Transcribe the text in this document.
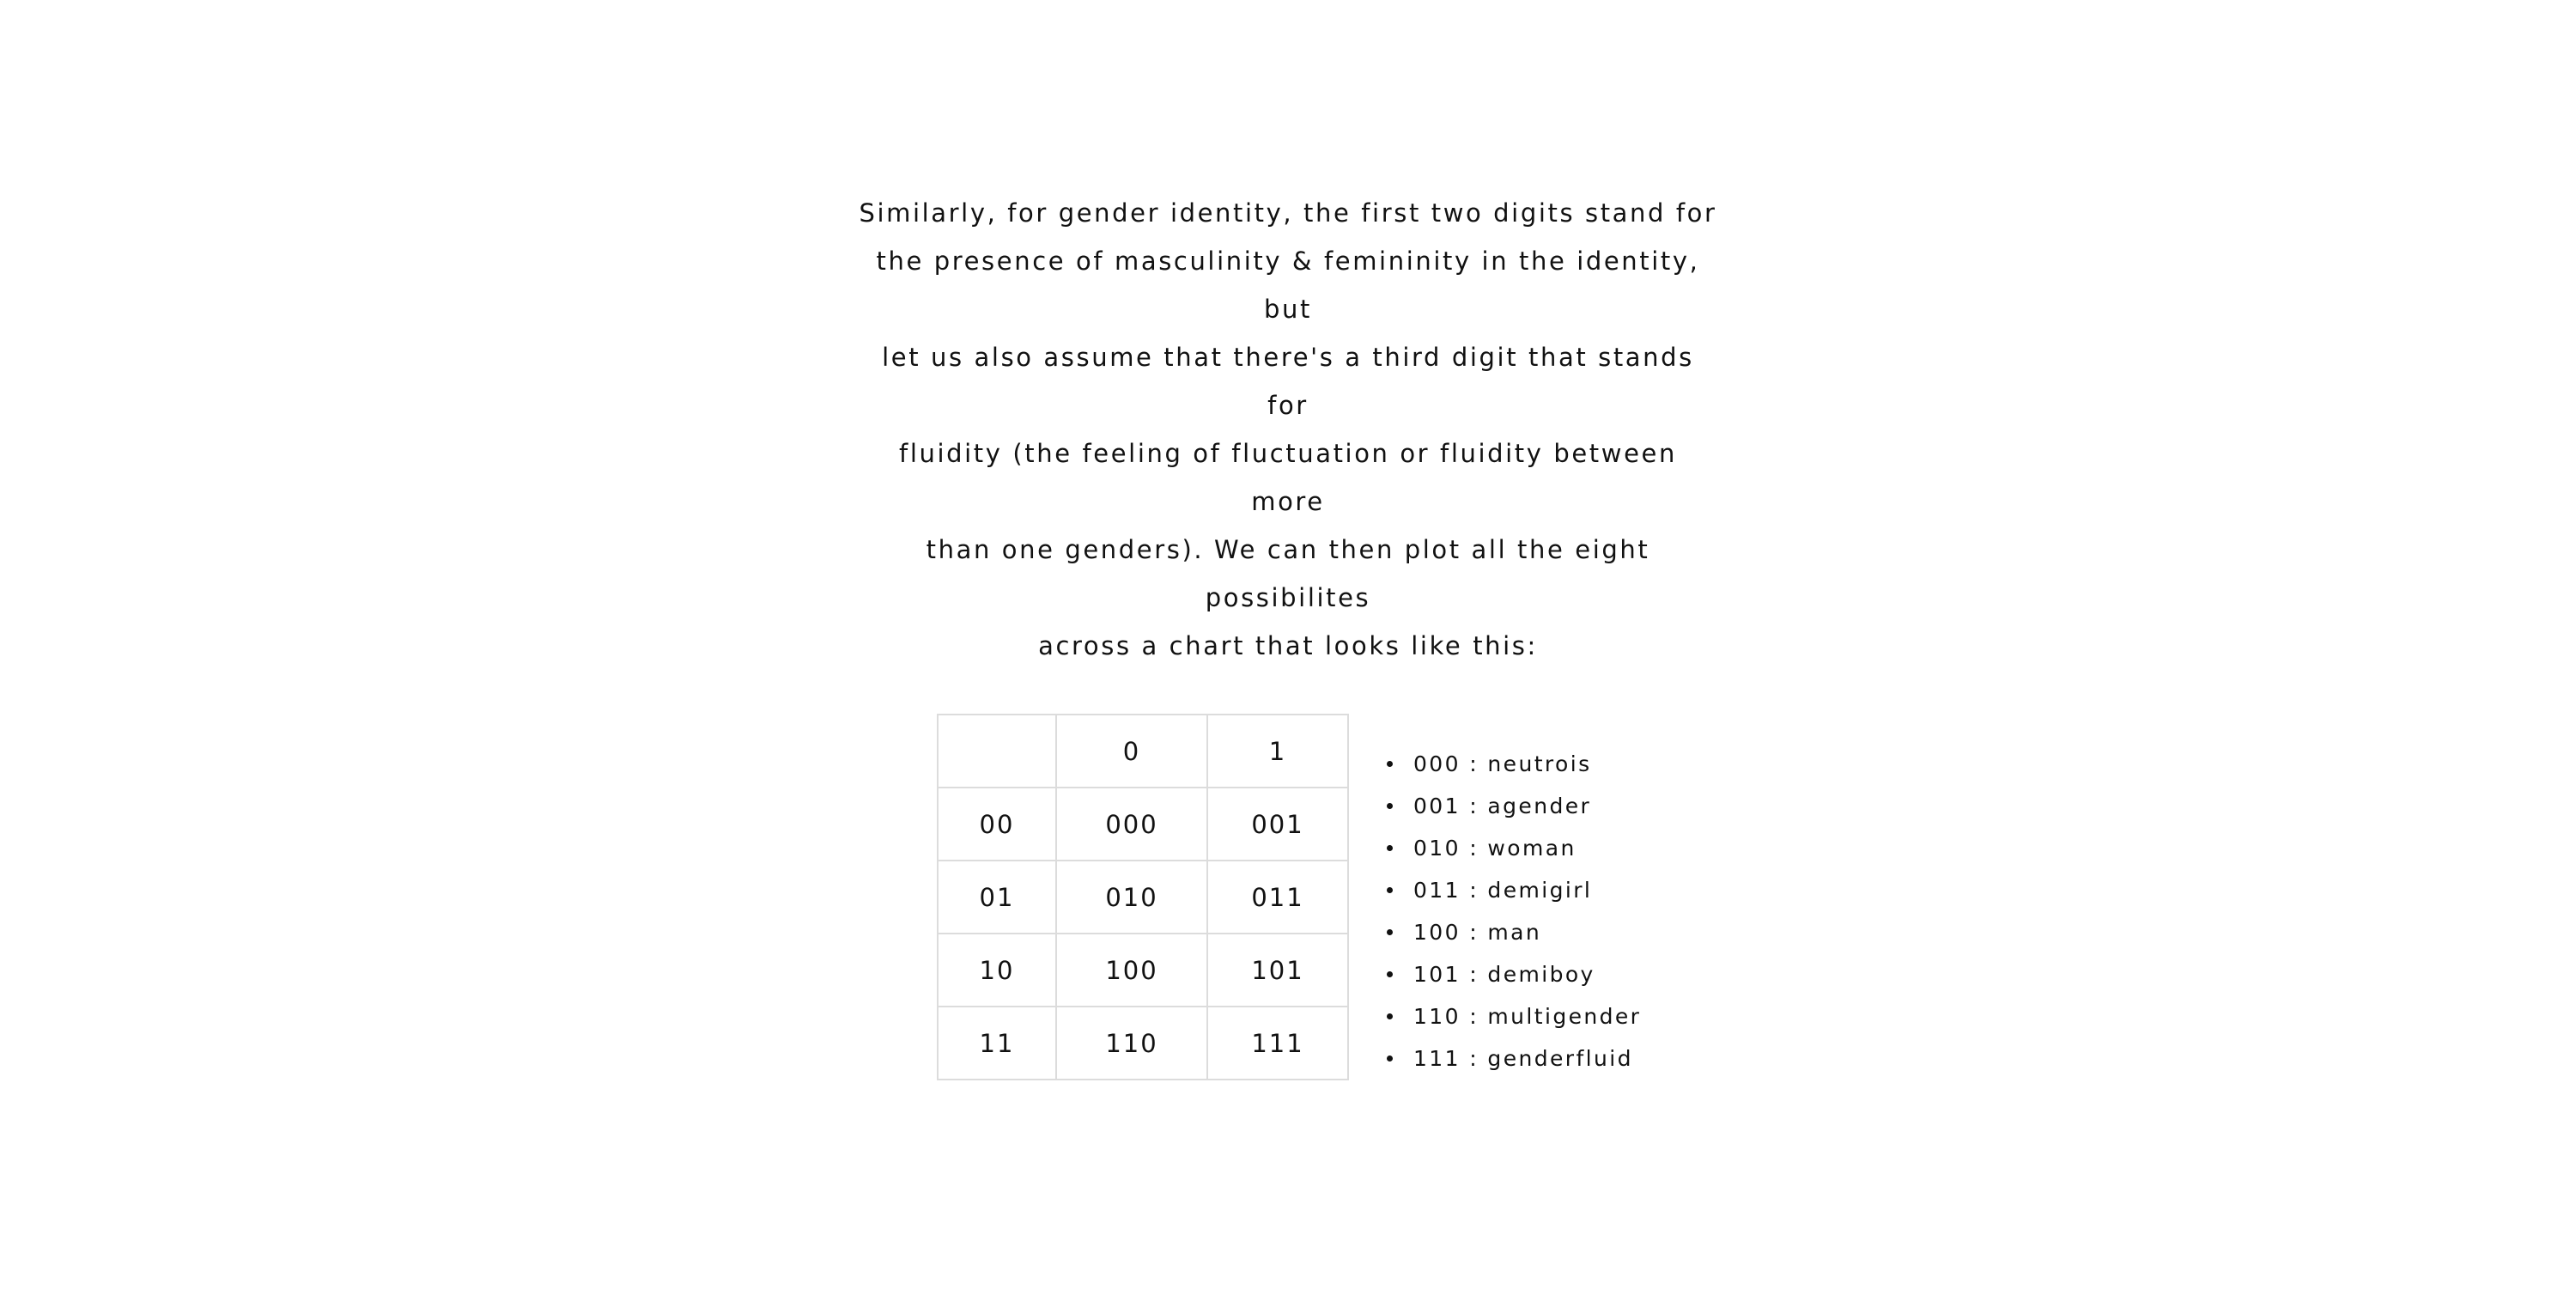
Similarly, for gender identity, the first two digits stand for
the presence of masculinity & femininity in the identity, but
let us also assume that there's a third digit that stands for
fluidity (the feeling of fluctuation or fluidity between more
than one genders). We can then plot all the eight possibilites
across a chart that looks like this:

	0	1
00	000	001
01	010	011
10	100	101
11	110	111
000 : neutrois
001 : agender
010 : woman
011 : demigirl
100 : man
101 : demiboy
110 : multigender
111 : genderfluid
